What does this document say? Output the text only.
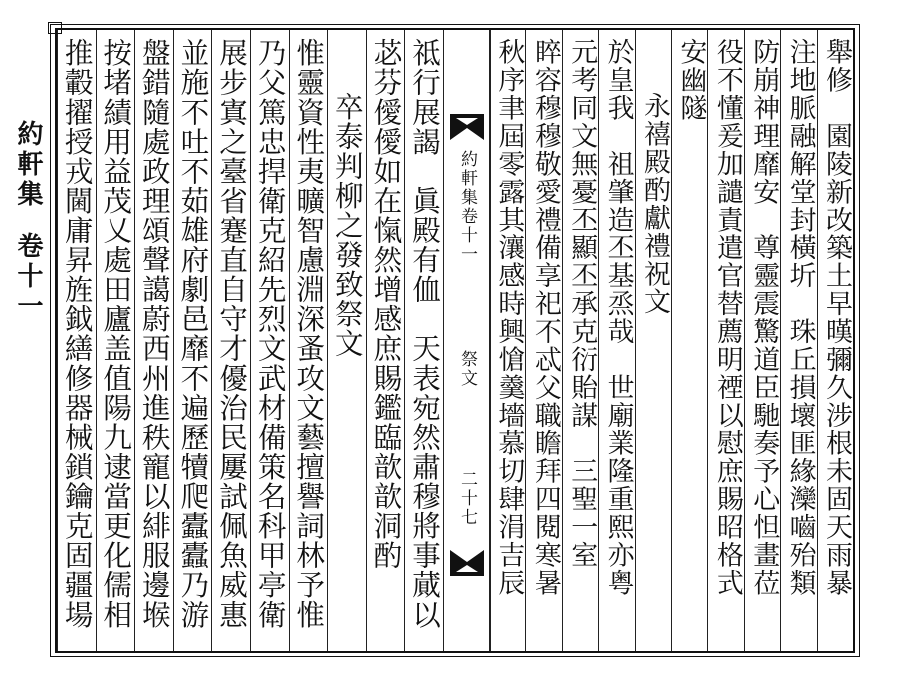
約軒集卷十一
約軒集卷十一
祭文
二十七	舉修　園陵新改築土早暵彌久涉根未固天雨暴
注地脈融解堂封橫圻　珠丘損壞匪緣灤嚙殆類
防崩神理靡安　尊靈震驚道臣馳奏予心怛畫莅
役不懂爰加譴責遣官替薦明禋以慰庶賜昭格式
安幽隧
永禧殿酌獻禮祝文
於皇我　祖肇造丕基烝哉　世廟業隆重熙亦粤
元考同文無憂丕顯丕承克衍貽謀　三聖一室
睟容穆穆敬愛禮備享祀不忒父職瞻拜四閱寒暑
秋序聿屆零露其瀼感時興愴羹墻慕切肆涓吉辰
祗行展謁　眞殿有侐　天表宛然肅穆將事蕆以
苾芬僾僾如在愾然增感庶賜鑑臨歆歆洞酌
卒泰判柳之發致祭文
惟靈資性夷曠智慮淵深蚤攻文藝擅譽詞林予惟
乃父篤忠捍衛克紹先烈文武材備策名科甲亭衛
展步寘之臺省蹇直自守才優治民屢試佩魚威惠
並施不吐不茹雄府劇邑靡不遍歷犢爬蠹蠹乃游
盤錯隨處政理頌聲譪蔚西州進秩寵以緋服邊堠
按堵績用益茂乂處田廬盖值陽九逮當更化儒相
推轂擢授戎閫庸昇旌鉞繕修器械鎖鑰克固疆場
